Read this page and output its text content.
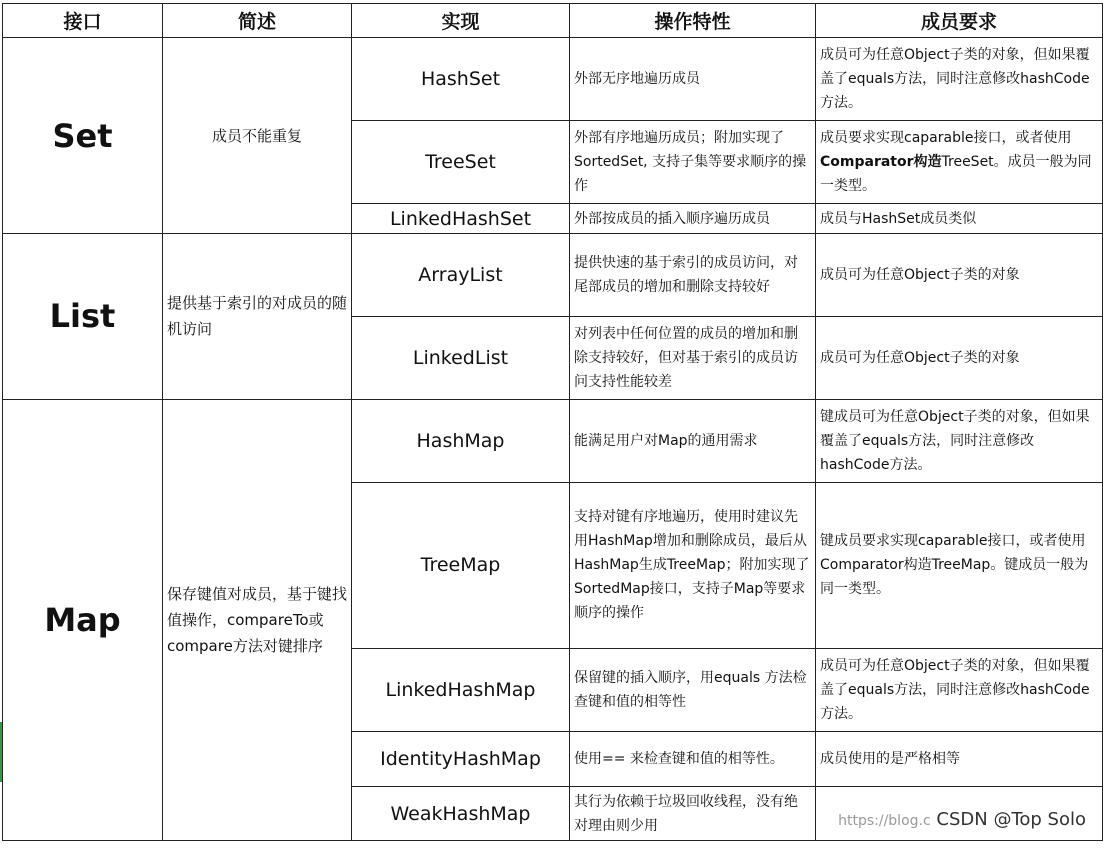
接口	简述	实现	操作特性	成员要求
Set	成员不能重复	HashSet	外部无序地遍历成员	成员可为任意Object子类的对象，但如果覆盖了equals方法，同时注意修改hashCode方法。
		TreeSet	外部有序地遍历成员；附加实现了SortedSet, 支持子集等要求顺序的操作	成员要求实现caparable接口，或者使用 Comparator构造TreeSet。成员一般为同一类型。
		LinkedHashSet	外部按成员的插入顺序遍历成员	成员与HashSet成员类似
List	提供基于索引的对成员的随机访问	ArrayList	提供快速的基于索引的成员访问，对尾部成员的增加和删除支持较好	成员可为任意Object子类的对象
		LinkedList	对列表中任何位置的成员的增加和删除支持较好，但对基于索引的成员访问支持性能较差	成员可为任意Object子类的对象
Map	保存键值对成员，基于键找值操作，compareTo或compare方法对键排序	HashMap	能满足用户对Map的通用需求	键成员可为任意Object子类的对象，但如果覆盖了equals方法，同时注意修改hashCode方法。
		TreeMap	支持对键有序地遍历，使用时建议先用HashMap增加和删除成员，最后从HashMap生成TreeMap；附加实现了SortedMap接口，支持子Map等要求顺序的操作	键成员要求实现caparable接口，或者使用Comparator构造TreeMap。键成员一般为同一类型。
		LinkedHashMap	保留键的插入顺序，用equals 方法检查键和值的相等性	成员可为任意Object子类的对象，但如果覆盖了equals方法，同时注意修改hashCode方法。
		IdentityHashMap	使用== 来检查键和值的相等性。	成员使用的是严格相等
		WeakHashMap	其行为依赖于垃圾回收线程，没有绝对理由则少用		https://blog.c CSDN @Top Solo
